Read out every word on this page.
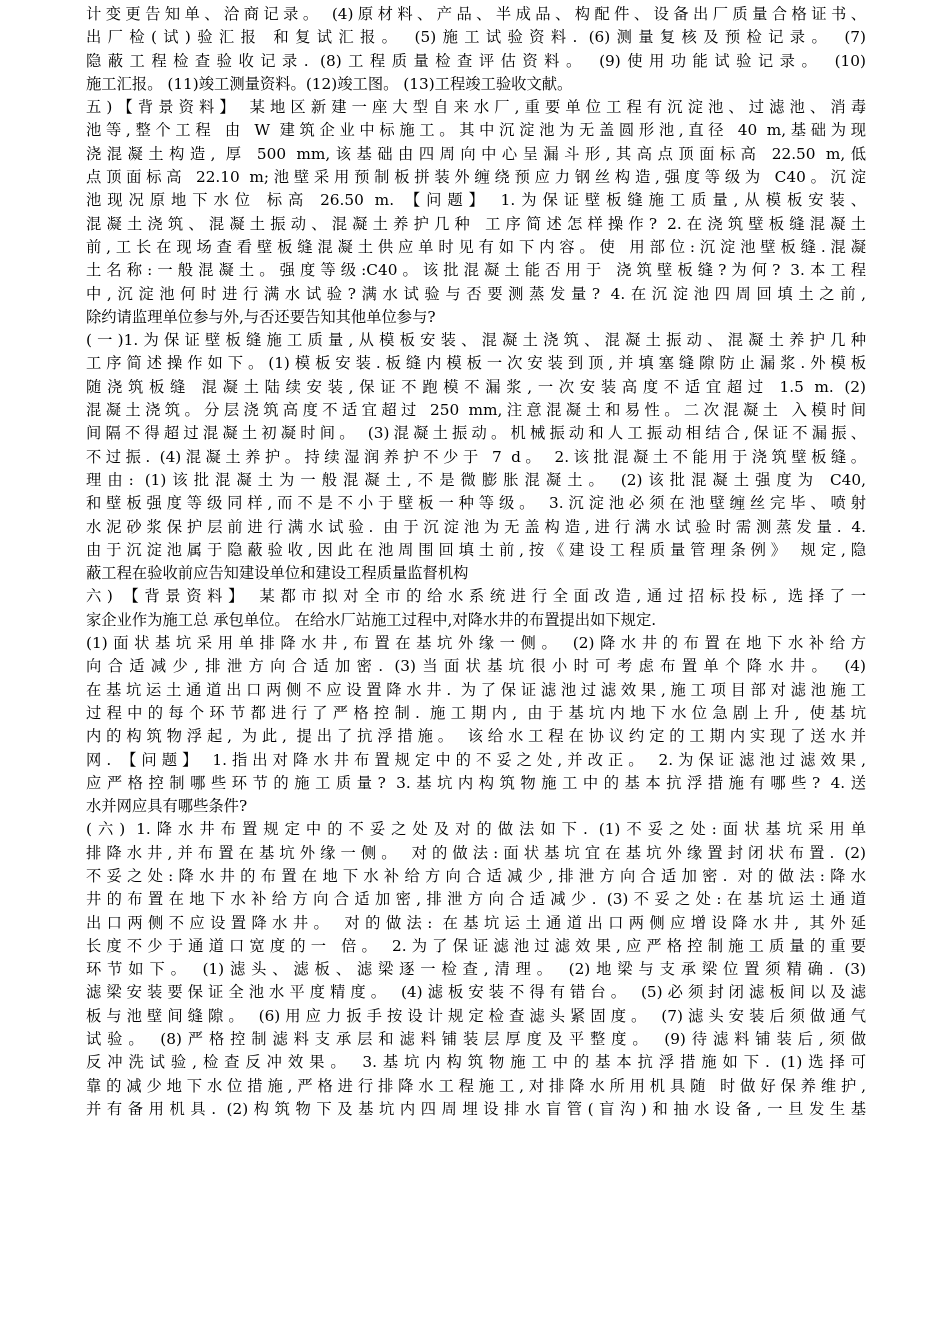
计变更告知单、洽商记录。 (4)原材料、产品、半成品、构配件、设备出厂质量合格证书、
出厂检(试)验汇报 和复试汇报。 (5)施工试验资料. (6)测量复核及预检记录。 (7)
隐蔽工程检查验收记录. (8)工程质量检查评估资料。 (9)使用功能试验记录。 (10)
施工汇报。 (11)竣工测量资料。(12)竣工图。 (13)工程竣工验收文献。
五)【背景资料】 某地区新建一座大型自来水厂,重要单位工程有沉淀池、过滤池、消毒
池等,整个工程 由 W 建筑企业中标施工。其中沉淀池为无盖圆形池,直径 40 m,基础为现
浇混凝土构造, 厚 500 mm,该基础由四周向中心呈漏斗形,其高点顶面标高 22.50 m,低
点顶面标高 22.10 m;池壁采用预制板拼装外缠绕预应力钢丝构造,强度等级为 C40。沉淀
池现况原地下水位 标高 26.50 m. 【问题】 1.为保证壁板缝施工质量,从模板安装、
混凝土浇筑、混凝土振动、混凝土养护几种 工序简述怎样操作? 2.在浇筑壁板缝混凝土
前,工长在现场查看壁板缝混凝土供应单时见有如下内容。使 用部位:沉淀池壁板缝.混凝
土名称:一般混凝土。强度等级:C40。该批混凝土能否用于 浇筑壁板缝?为何? 3.本工程
中,沉淀池何时进行满水试验?满水试验与否要测蒸发量? 4.在沉淀池四周回填土之前,
除约请监理单位参与外,与否还要告知其他单位参与?
(一)1.为保证壁板缝施工质量,从模板安装、混凝土浇筑、混凝土振动、混凝土养护几种
工序简述操作如下。(1)模板安装.板缝内模板一次安装到顶,并填塞缝隙防止漏浆.外模板
随浇筑板缝 混凝土陆续安装,保证不跑模不漏浆,一次安装高度不适宜超过 1.5 m. (2)
混凝土浇筑。分层浇筑高度不适宜超过 250 mm,注意混凝土和易性。二次混凝土 入模时间
间隔不得超过混凝土初凝时间。 (3)混凝土振动。机械振动和人工振动相结合,保证不漏振、
不过振. (4)混凝土养护。持续湿润养护不少于 7 d。 2.该批混凝土不能用于浇筑壁板缝。
理由: (1)该批混凝土为一般混凝土,不是微膨胀混凝土。 (2)该批混凝土强度为 C40,
和壁板强度等级同样,而不是不小于壁板一种等级。 3.沉淀池必须在池壁缠丝完毕、喷射
水泥砂浆保护层前进行满水试验. 由于沉淀池为无盖构造,进行满水试验时需测蒸发量. 4.
由于沉淀池属于隐蔽验收,因此在池周围回填土前,按《建设工程质量管理条例》 规定,隐
蔽工程在验收前应告知建设单位和建设工程质量监督机构
六) 【背景资料】 某都市拟对全市的给水系统进行全面改造,通过招标投标, 选择了一
家企业作为施工总 承包单位。 在给水厂站施工过程中,对降水井的布置提出如下规定.
(1)面状基坑采用单排降水井,布置在基坑外缘一侧。 (2)降水井的布置在地下水补给方
向合适减少,排泄方向合适加密. (3)当面状基坑很小时可考虑布置单个降水井。 (4)
在基坑运土通道出口两侧不应设置降水井. 为了保证滤池过滤效果,施工项目部对滤池施工
过程中的每个环节都进行了严格控制. 施工期内, 由于基坑内地下水位急剧上升, 使基坑
内的构筑物浮起, 为此, 提出了抗浮措施。 该给水工程在协议约定的工期内实现了送水并
网. 【问题】 1.指出对降水井布置规定中的不妥之处,并改正。 2.为保证滤池过滤效果,
应严格控制哪些环节的施工质量? 3.基坑内构筑物施工中的基本抗浮措施有哪些? 4.送
水并网应具有哪些条件?
(六) 1.降水井布置规定中的不妥之处及对的做法如下. (1)不妥之处:面状基坑采用单
排降水井,并布置在基坑外缘一侧。 对的做法:面状基坑宜在基坑外缘置封闭状布置. (2)
不妥之处:降水井的布置在地下水补给方向合适减少,排泄方向合适加密. 对的做法:降水
井的布置在地下水补给方向合适加密,排泄方向合适减少. (3)不妥之处:在基坑运土通道
出口两侧不应设置降水井。 对的做法: 在基坑运土通道出口两侧应增设降水井, 其外延
长度不少于通道口宽度的一 倍。 2.为了保证滤池过滤效果,应严格控制施工质量的重要
环节如下。 (1)滤头、滤板、滤梁逐一检查,清理。 (2)地梁与支承梁位置须精确. (3)
滤梁安装要保证全池水平度精度。 (4)滤板安装不得有错台。 (5)必须封闭滤板间以及滤
板与池壁间缝隙。 (6)用应力扳手按设计规定检查滤头紧固度。 (7)滤头安装后须做通气
试验。 (8)严格控制滤料支承层和滤料铺装层厚度及平整度。 (9)待滤料铺装后,须做
反冲洗试验,检查反冲效果。 3.基坑内构筑物施工中的基本抗浮措施如下. (1)选择可
靠的减少地下水位措施,严格进行排降水工程施工,对排降水所用机具随 时做好保养维护,
并有备用机具. (2)构筑物下及基坑内四周埋设排水盲管(盲沟)和抽水设备,一旦发生基
